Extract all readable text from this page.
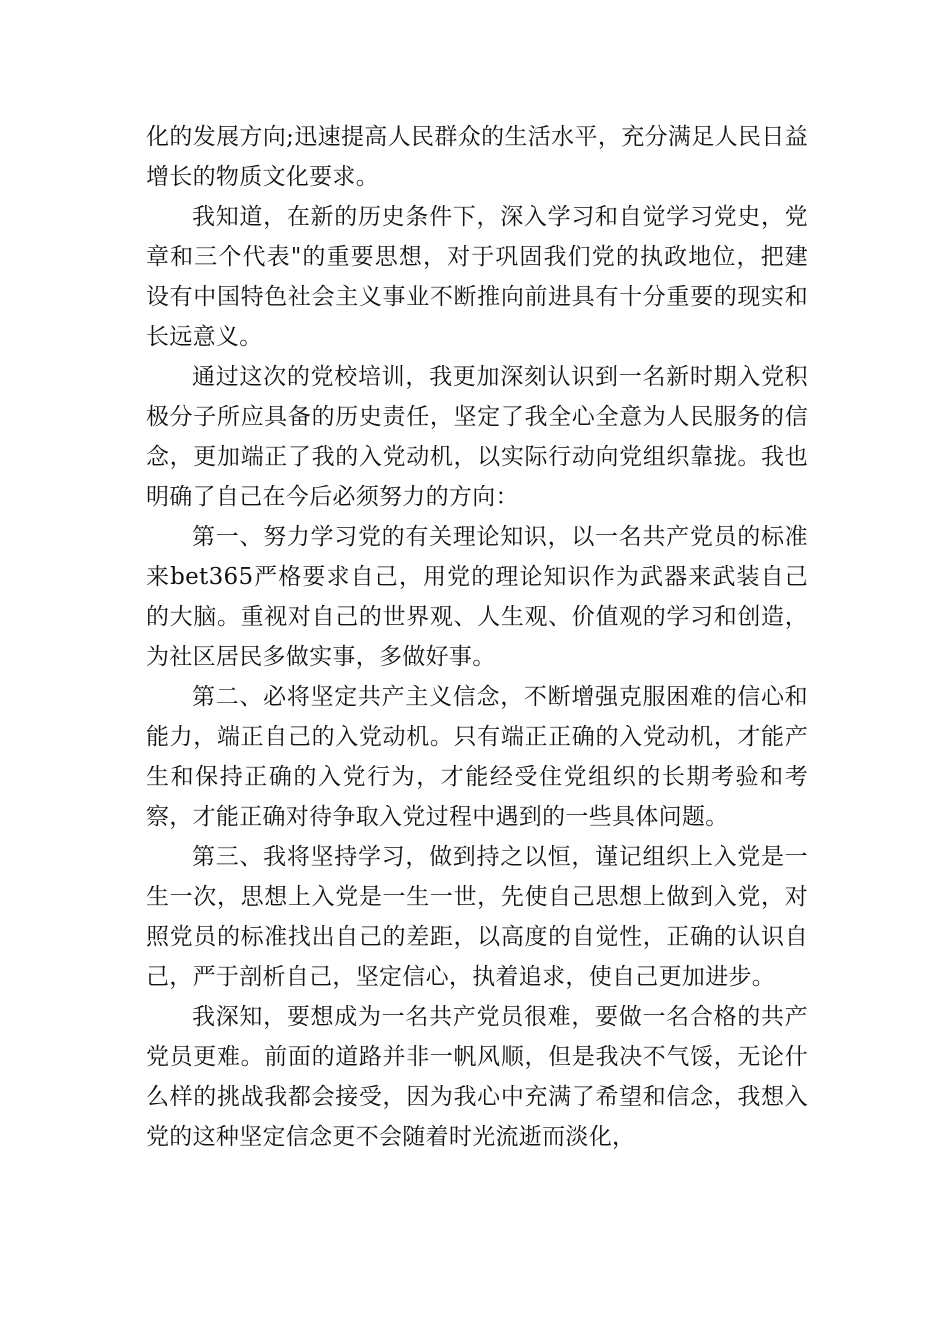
化的发展方向;迅速提高人民群众的生活水平，充分满足人民日益增长的物质文化要求。

我知道，在新的历史条件下，深入学习和自觉学习党史，党章和三个代表"的重要思想，对于巩固我们党的执政地位，把建设有中国特色社会主义事业不断推向前进具有十分重要的现实和长远意义。

通过这次的党校培训，我更加深刻认识到一名新时期入党积极分子所应具备的历史责任，坚定了我全心全意为人民服务的信念，更加端正了我的入党动机，以实际行动向党组织靠拢。我也明确了自己在今后必须努力的方向：

第一、努力学习党的有关理论知识，以一名共产党员的标准来bet365严格要求自己，用党的理论知识作为武器来武装自己的大脑。重视对自己的世界观、人生观、价值观的学习和创造，为社区居民多做实事，多做好事。

第二、必将坚定共产主义信念，不断增强克服困难的信心和能力，端正自己的入党动机。只有端正正确的入党动机，才能产生和保持正确的入党行为，才能经受住党组织的长期考验和考察，才能正确对待争取入党过程中遇到的一些具体问题。

第三、我将坚持学习，做到持之以恒，谨记组织上入党是一生一次，思想上入党是一生一世，先使自己思想上做到入党，对照党员的标准找出自己的差距，以高度的自觉性，正确的认识自己，严于剖析自己，坚定信心，执着追求，使自己更加进步。

我深知，要想成为一名共产党员很难，要做一名合格的共产党员更难。前面的道路并非一帆风顺，但是我决不气馁，无论什么样的挑战我都会接受，因为我心中充满了希望和信念，我想入党的这种坚定信念更不会随着时光流逝而淡化，
